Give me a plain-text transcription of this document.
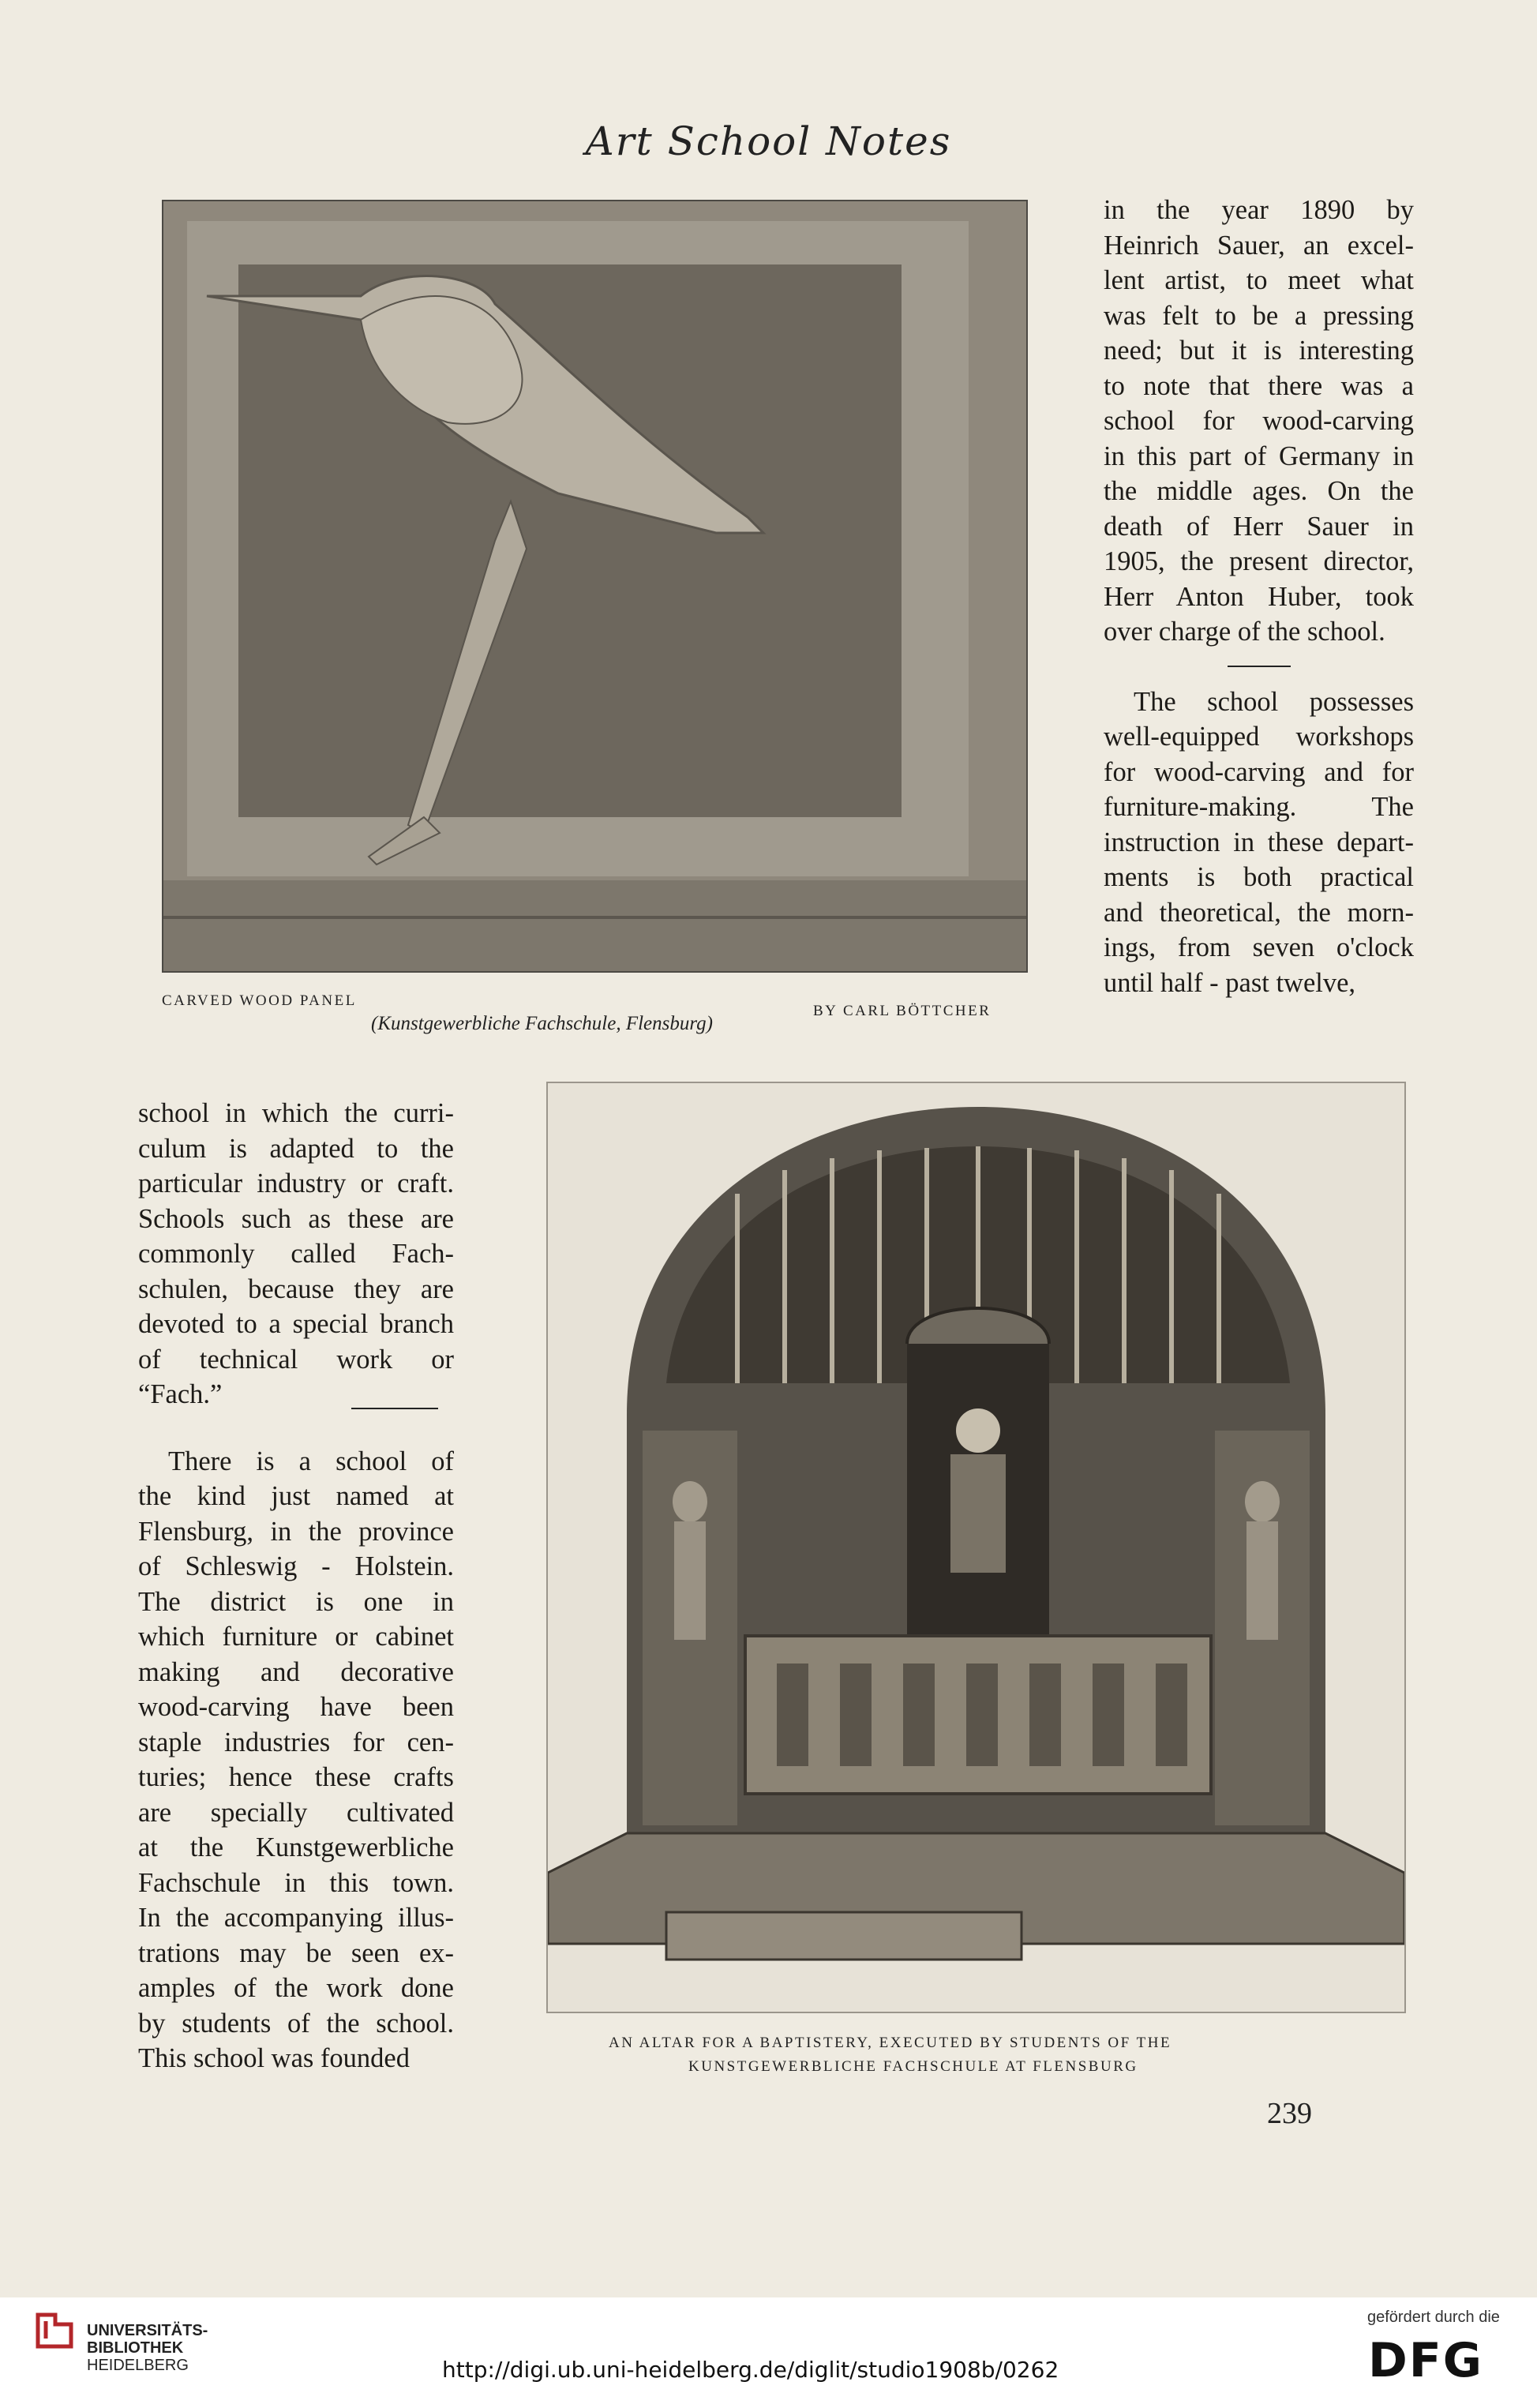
Art School Notes
CARVED WOOD PANEL
BY CARL BÖTTCHER
(Kunstgewerbliche Fachschule, Flensburg)
in the year 1890 by
Heinrich Sauer, an excel-
lent artist, to meet what
was felt to be a pressing
need; but it is interesting
to note that there was a
school for wood-carving
in this part of Germany in
the middle ages. On the
death of Herr Sauer in
1905, the present director,
Herr Anton Huber, took
over charge of the school.
The school possesses
well-equipped workshops
for wood-carving and for
furniture-making. The
instruction in these depart-
ments is both practical
and theoretical, the morn-
ings, from seven o'clock
until half - past twelve,
AN ALTAR FOR A BAPTISTERY, EXECUTED BY STUDENTS OF THE
KUNSTGEWERBLICHE FACHSCHULE AT FLENSBURG
school in which the curri-
culum is adapted to the
particular industry or craft.
Schools such as these are
commonly called Fach-
schulen, because they are
devoted to a special branch
of technical work or
“Fach.”
There is a school of
the kind just named at
Flensburg, in the province
of Schleswig - Holstein.
The district is one in
which furniture or cabinet
making and decorative
wood-carving have been
staple industries for cen-
turies; hence these crafts
are specially cultivated
at the Kunstgewerbliche
Fachschule in this town.
In the accompanying illus-
trations may be seen ex-
amples of the work done
by students of the school.
This school was founded
239
UNIVERSITÄTS-
BIBLIOTHEK
HEIDELBERG	http://digi.ub.uni-heidelberg.de/diglit/studio1908b/0262
gefördert durch die
DFG
